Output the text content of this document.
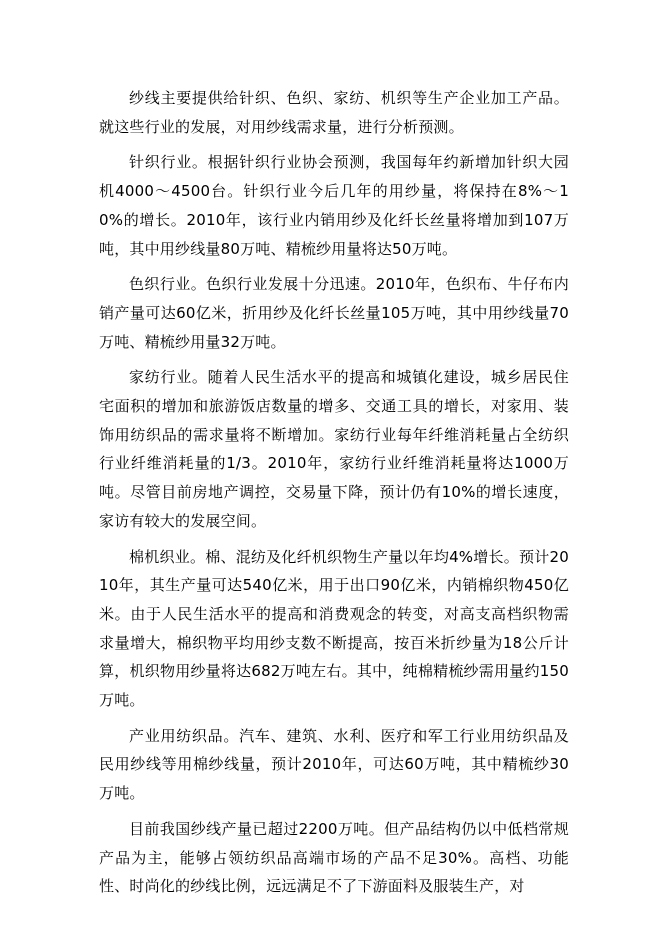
纱线主要提供给针织、色织、家纺、机织等生产企业加工产品。就这些行业的发展，对用纱线需求量，进行分析预测。

针织行业。根据针织行业协会预测，我国每年约新增加针织大园机4000～4500台。针织行业今后几年的用纱量，将保持在8%～10%的增长。2010年，该行业内销用纱及化纤长丝量将增加到107万吨，其中用纱线量80万吨、精梳纱用量将达50万吨。

色织行业。色织行业发展十分迅速。2010年，色织布、牛仔布内销产量可达60亿米，折用纱及化纤长丝量105万吨，其中用纱线量70万吨、精梳纱用量32万吨。

家纺行业。随着人民生活水平的提高和城镇化建设，城乡居民住宅面积的增加和旅游饭店数量的增多、交通工具的增长，对家用、装饰用纺织品的需求量将不断增加。家纺行业每年纤维消耗量占全纺织行业纤维消耗量的1/3。2010年，家纺行业纤维消耗量将达1000万吨。尽管目前房地产调控，交易量下降，预计仍有10%的增长速度，家访有较大的发展空间。

棉机织业。棉、混纺及化纤机织物生产量以年均4%增长。预计2010年，其生产量可达540亿米，用于出口90亿米，内销棉织物450亿米。由于人民生活水平的提高和消费观念的转变，对高支高档织物需求量增大，棉织物平均用纱支数不断提高，按百米折纱量为18公斤计算，机织物用纱量将达682万吨左右。其中，纯棉精梳纱需用量约150万吨。

产业用纺织品。汽车、建筑、水利、医疗和军工行业用纺织品及民用纱线等用棉纱线量，预计2010年，可达60万吨，其中精梳纱30万吨。

目前我国纱线产量已超过2200万吨。但产品结构仍以中低档常规产品为主，能够占领纺织品高端市场的产品不足30%。高档、功能性、时尚化的纱线比例，远远满足不了下游面料及服装生产，对
